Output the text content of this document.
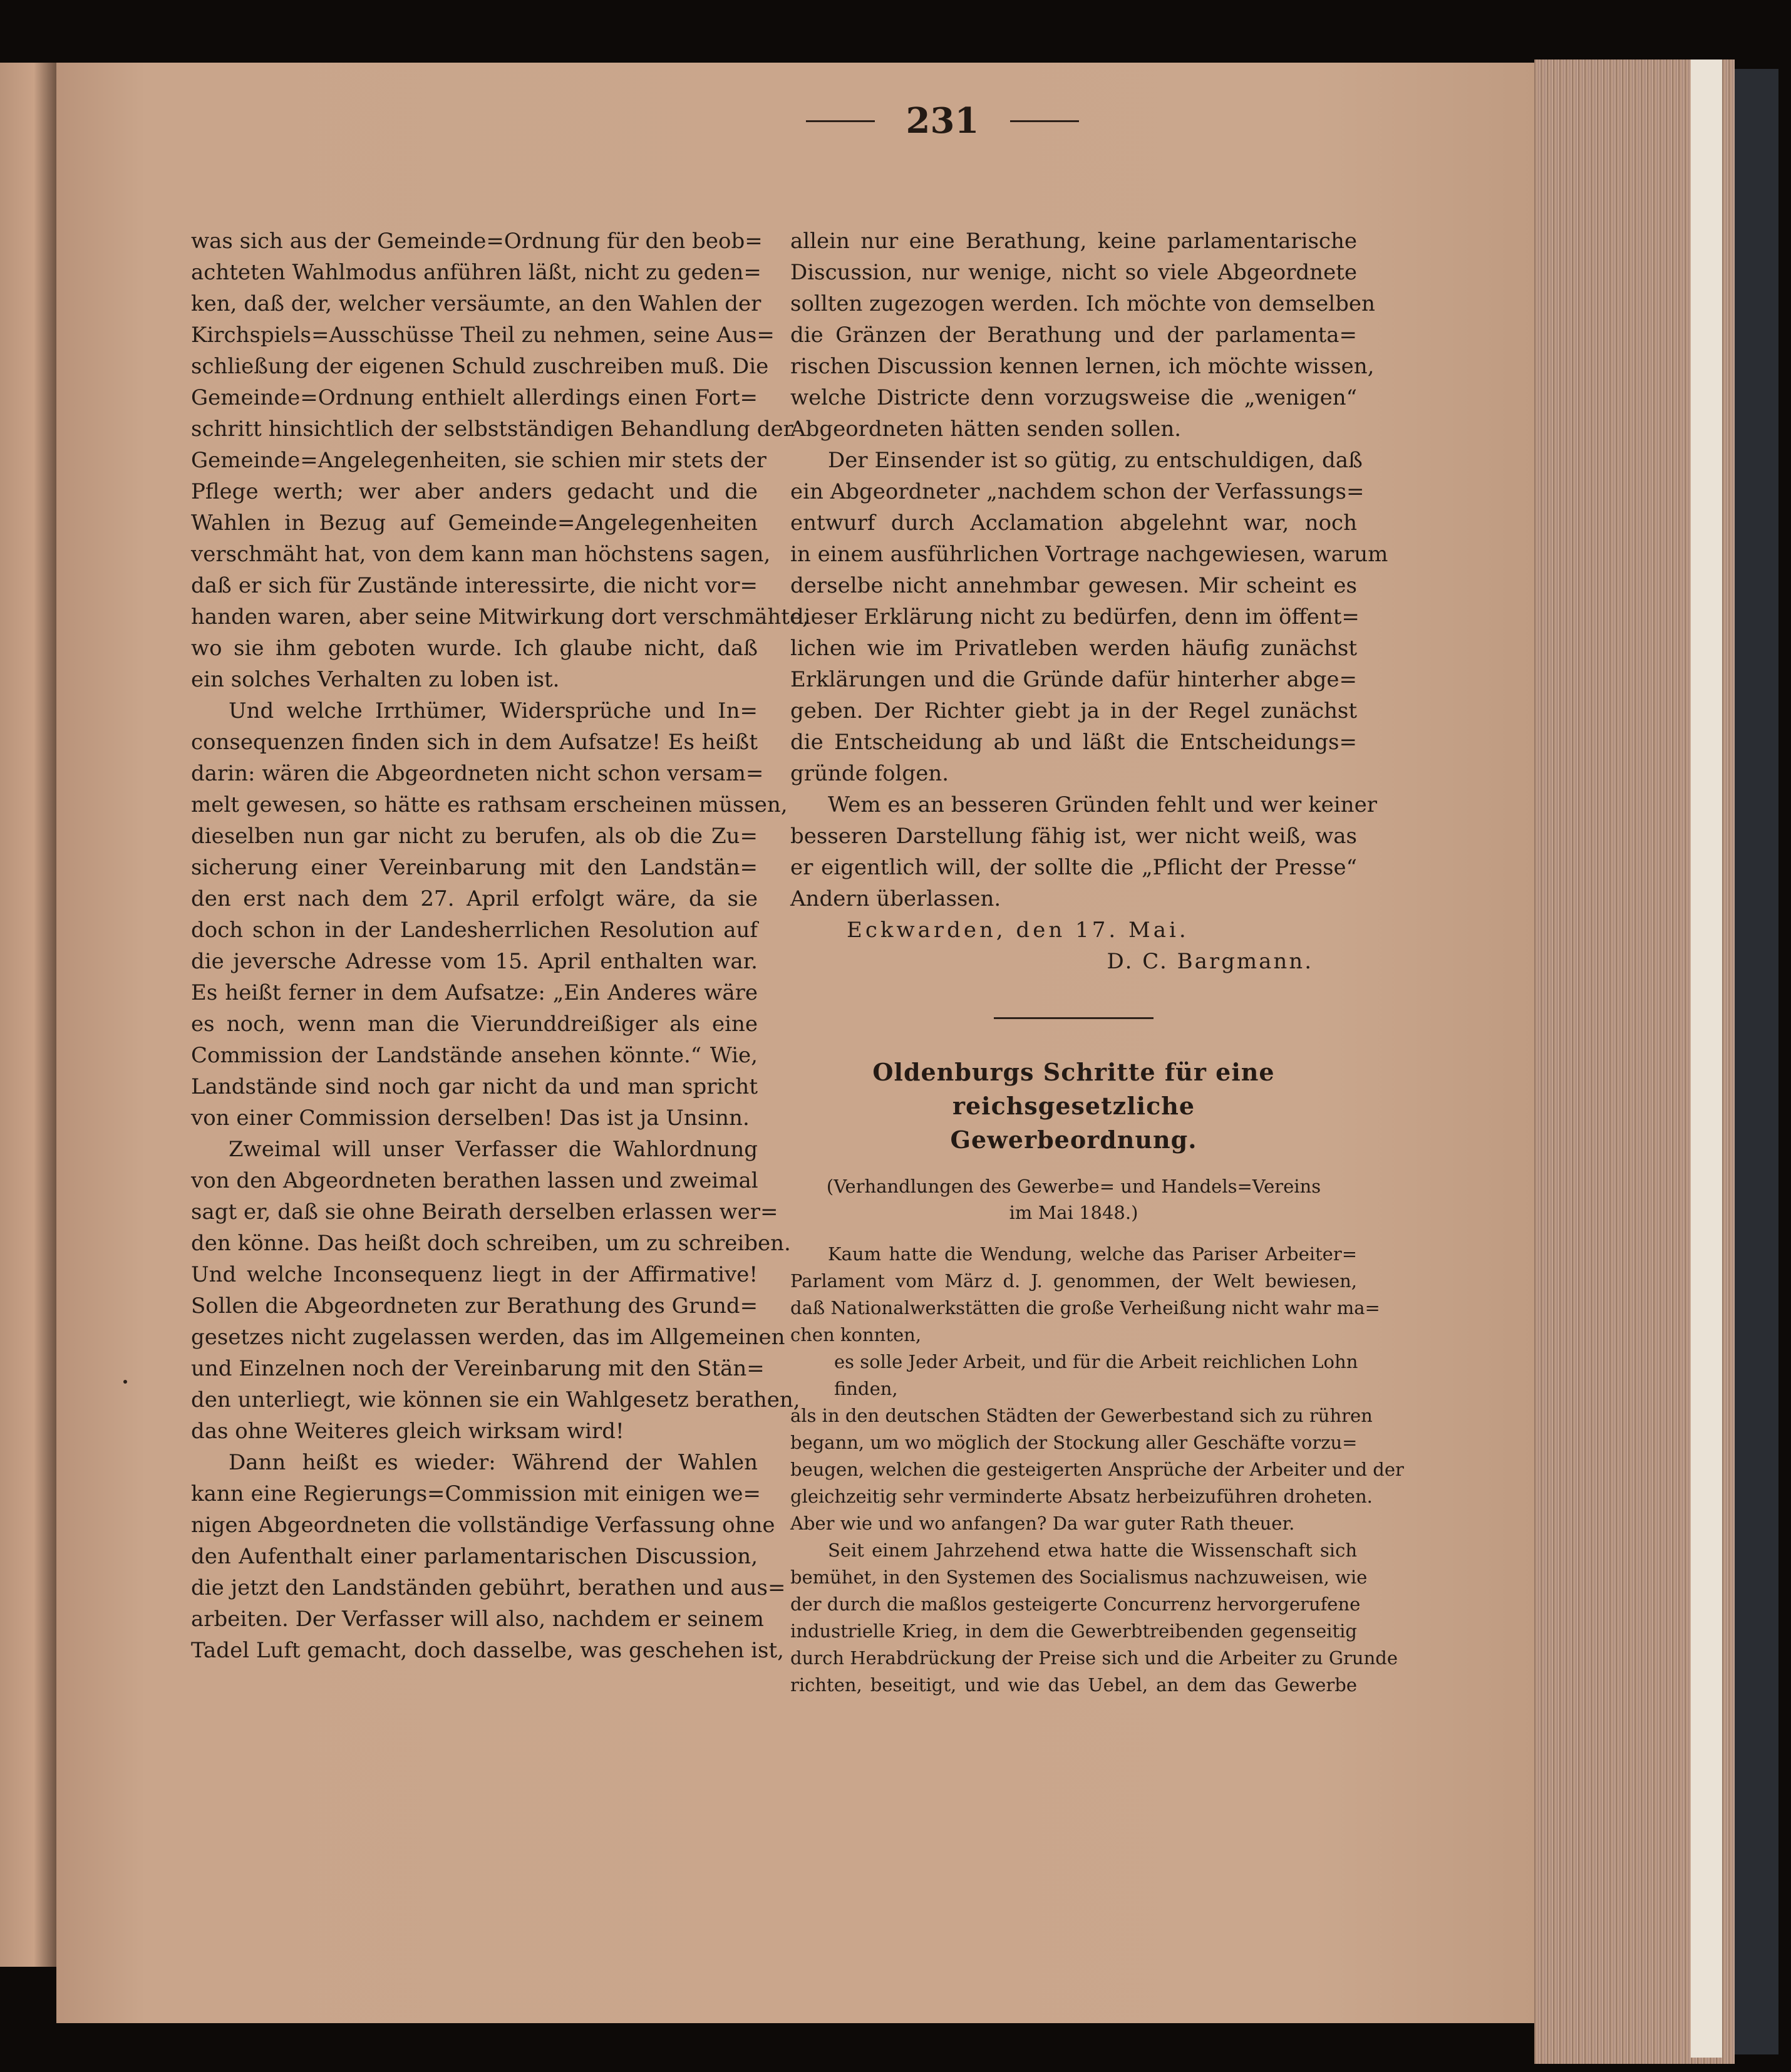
231

was sich aus der Gemeinde=Ordnung für den beob=
achteten Wahlmodus anführen läßt, nicht zu geden=
ken, daß der, welcher versäumte, an den Wahlen der
Kirchspiels=Ausschüsse Theil zu nehmen, seine Aus=
schließung der eigenen Schuld zuschreiben muß. Die
Gemeinde=Ordnung enthielt allerdings einen Fort=
schritt hinsichtlich der selbstständigen Behandlung der
Gemeinde=Angelegenheiten, sie schien mir stets der
Pflege werth; wer aber anders gedacht und die
Wahlen in Bezug auf Gemeinde=Angelegenheiten
verschmäht hat, von dem kann man höchstens sagen,
daß er sich für Zustände interessirte, die nicht vor=
handen waren, aber seine Mitwirkung dort verschmähte,
wo sie ihm geboten wurde. Ich glaube nicht, daß
ein solches Verhalten zu loben ist.

Und welche Irrthümer, Widersprüche und In=
consequenzen finden sich in dem Aufsatze! Es heißt
darin: wären die Abgeordneten nicht schon versam=
melt gewesen, so hätte es rathsam erscheinen müssen,
dieselben nun gar nicht zu berufen, als ob die Zu=
sicherung einer Vereinbarung mit den Landstän=
den erst nach dem 27. April erfolgt wäre, da sie
doch schon in der Landesherrlichen Resolution auf
die jeversche Adresse vom 15. April enthalten war.
Es heißt ferner in dem Aufsatze: „Ein Anderes wäre
es noch, wenn man die Vierunddreißiger als eine
Commission der Landstände ansehen könnte.“ Wie,
Landstände sind noch gar nicht da und man spricht
von einer Commission derselben! Das ist ja Unsinn.

Zweimal will unser Verfasser die Wahlordnung
von den Abgeordneten berathen lassen und zweimal
sagt er, daß sie ohne Beirath derselben erlassen wer=
den könne. Das heißt doch schreiben, um zu schreiben.
Und welche Inconsequenz liegt in der Affirmative!
Sollen die Abgeordneten zur Berathung des Grund=
gesetzes nicht zugelassen werden, das im Allgemeinen
und Einzelnen noch der Vereinbarung mit den Stän=
den unterliegt, wie können sie ein Wahlgesetz berathen,
das ohne Weiteres gleich wirksam wird!

Dann heißt es wieder: Während der Wahlen
kann eine Regierungs=Commission mit einigen we=
nigen Abgeordneten die vollständige Verfassung ohne
den Aufenthalt einer parlamentarischen Discussion,
die jetzt den Landständen gebührt, berathen und aus=
arbeiten. Der Verfasser will also, nachdem er seinem
Tadel Luft gemacht, doch dasselbe, was geschehen ist,

allein nur eine Berathung, keine parlamentarische
Discussion, nur wenige, nicht so viele Abgeordnete
sollten zugezogen werden. Ich möchte von demselben
die Gränzen der Berathung und der parlamenta=
rischen Discussion kennen lernen, ich möchte wissen,
welche Districte denn vorzugsweise die „wenigen“
Abgeordneten hätten senden sollen.

Der Einsender ist so gütig, zu entschuldigen, daß
ein Abgeordneter „nachdem schon der Verfassungs=
entwurf durch Acclamation abgelehnt war, noch
in einem ausführlichen Vortrage nachgewiesen, warum
derselbe nicht annehmbar gewesen. Mir scheint es
dieser Erklärung nicht zu bedürfen, denn im öffent=
lichen wie im Privatleben werden häufig zunächst
Erklärungen und die Gründe dafür hinterher abge=
geben. Der Richter giebt ja in der Regel zunächst
die Entscheidung ab und läßt die Entscheidungs=
gründe folgen.

Wem es an besseren Gründen fehlt und wer keiner
besseren Darstellung fähig ist, wer nicht weiß, was
er eigentlich will, der sollte die „Pflicht der Presse“
Andern überlassen.

Eckwarden, den 17. Mai.

D. C. Bargmann.

Oldenburgs Schritte für eine reichsgesetzliche
Gewerbeordnung.
(Verhandlungen des Gewerbe= und Handels=Vereins
im Mai 1848.)

Kaum hatte die Wendung, welche das Pariser Arbeiter=
Parlament vom März d. J. genommen, der Welt bewiesen,
daß Nationalwerkstätten die große Verheißung nicht wahr ma=
chen konnten,

es solle Jeder Arbeit, und für die Arbeit reichlichen Lohn
finden,

als in den deutschen Städten der Gewerbestand sich zu rühren
begann, um wo möglich der Stockung aller Geschäfte vorzu=
beugen, welchen die gesteigerten Ansprüche der Arbeiter und der
gleichzeitig sehr verminderte Absatz herbeizuführen droheten.
Aber wie und wo anfangen? Da war guter Rath theuer.

Seit einem Jahrzehend etwa hatte die Wissenschaft sich
bemühet, in den Systemen des Socialismus nachzuweisen, wie
der durch die maßlos gesteigerte Concurrenz hervorgerufene
industrielle Krieg, in dem die Gewerbtreibenden gegenseitig
durch Herabdrückung der Preise sich und die Arbeiter zu Grunde
richten, beseitigt, und wie das Uebel, an dem das Gewerbe
